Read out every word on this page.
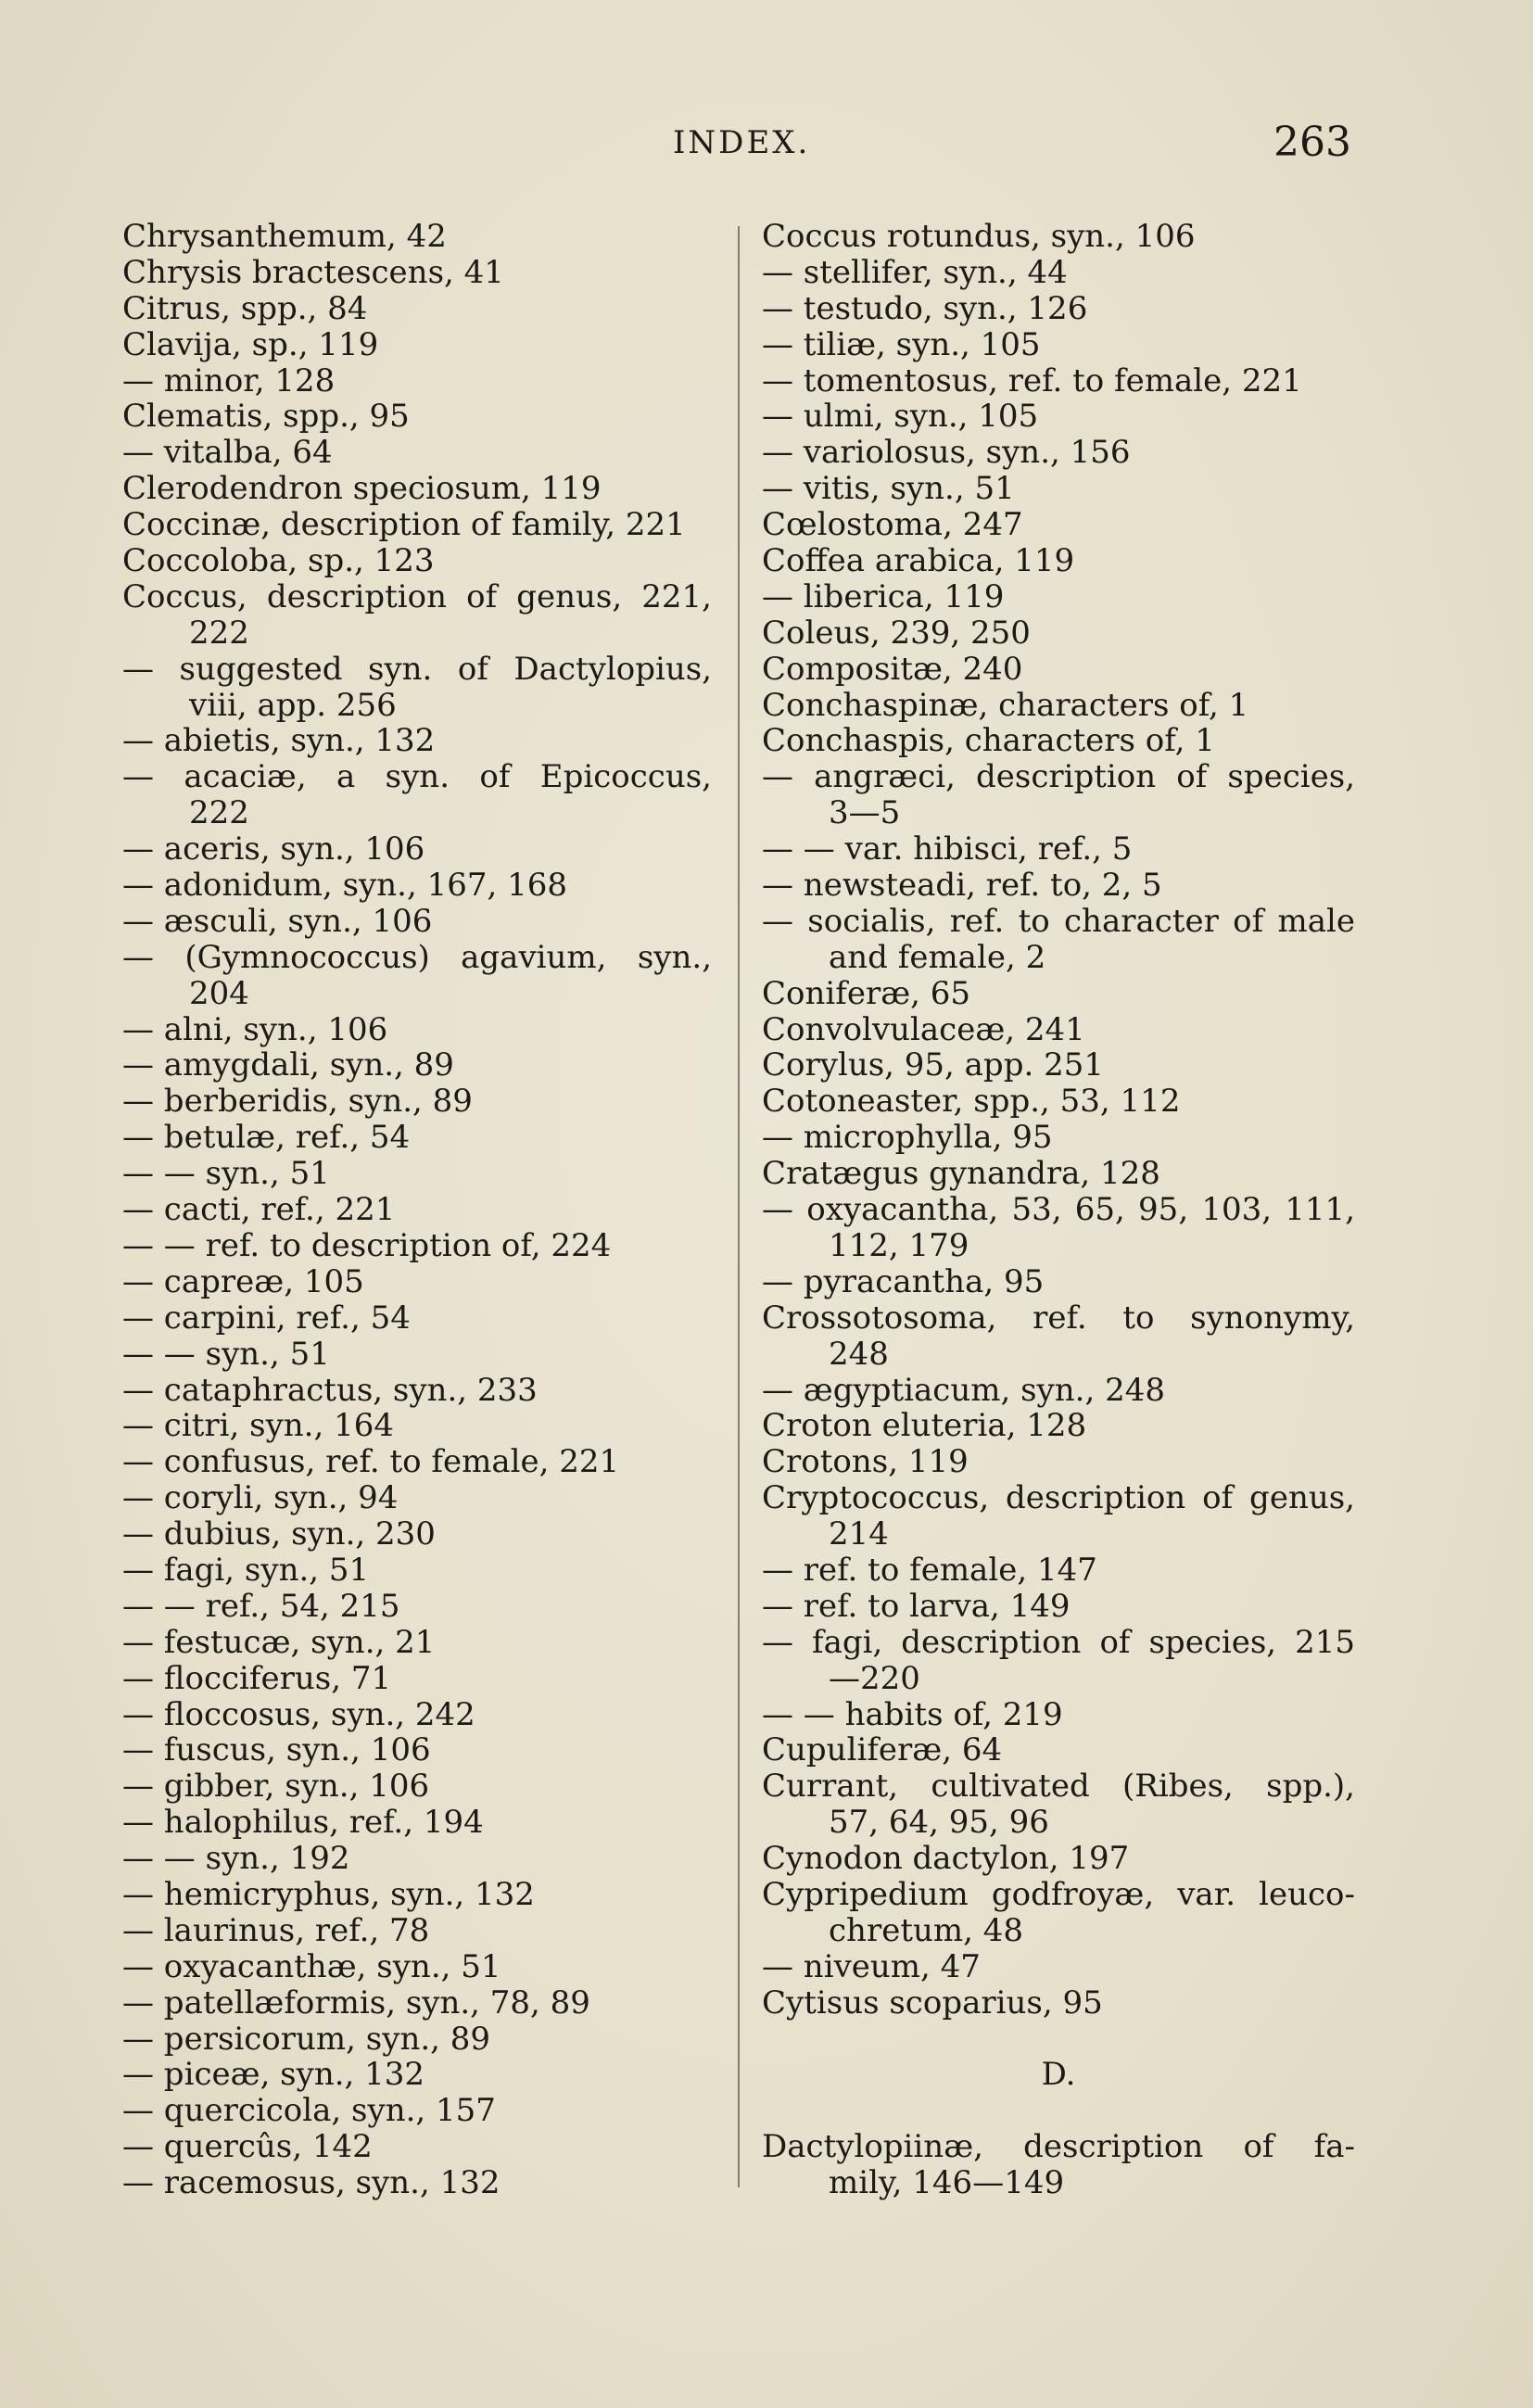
INDEX.	263
Chrysanthemum, 42
Chrysis bractescens, 41
Citrus, spp., 84
Clavija, sp., 119
— minor, 128
Clematis, spp., 95
— vitalba, 64
Clerodendron speciosum, 119
Coccinæ, description of family, 221
Coccoloba, sp., 123
Coccus, description of genus, 221,
222
— suggested syn. of Dactylopius,
viii, app. 256
— abietis, syn., 132
— acaciæ, a syn. of Epicoccus,
222
— aceris, syn., 106
— adonidum, syn., 167, 168
— æsculi, syn., 106
— (Gymnococcus) agavium, syn.,
204
— alni, syn., 106
— amygdali, syn., 89
— berberidis, syn., 89
— betulæ, ref., 54
— — syn., 51
— cacti, ref., 221
— — ref. to description of, 224
— capreæ, 105
— carpini, ref., 54
— — syn., 51
— cataphractus, syn., 233
— citri, syn., 164
— confusus, ref. to female, 221
— coryli, syn., 94
— dubius, syn., 230
— fagi, syn., 51
— — ref., 54, 215
— festucæ, syn., 21
— flocciferus, 71
— floccosus, syn., 242
— fuscus, syn., 106
— gibber, syn., 106
— halophilus, ref., 194
— — syn., 192
— hemicryphus, syn., 132
— laurinus, ref., 78
— oxyacanthæ, syn., 51
— patellæformis, syn., 78, 89
— persicorum, syn., 89
— piceæ, syn., 132
— quercicola, syn., 157
— quercûs, 142
— racemosus, syn., 132
Coccus rotundus, syn., 106
— stellifer, syn., 44
— testudo, syn., 126
— tiliæ, syn., 105
— tomentosus, ref. to female, 221
— ulmi, syn., 105
— variolosus, syn., 156
— vitis, syn., 51
Cœlostoma, 247
Coffea arabica, 119
— liberica, 119
Coleus, 239, 250
Compositæ, 240
Conchaspinæ, characters of, 1
Conchaspis, characters of, 1
— angræci, description of species,
3—5
— — var. hibisci, ref., 5
— newsteadi, ref. to, 2, 5
— socialis, ref. to character of male
and female, 2
Coniferæ, 65
Convolvulaceæ, 241
Corylus, 95, app. 251
Cotoneaster, spp., 53, 112
— microphylla, 95
Cratægus gynandra, 128
— oxyacantha, 53, 65, 95, 103, 111,
112, 179
— pyracantha, 95
Crossotosoma, ref. to synonymy,
248
— ægyptiacum, syn., 248
Croton eluteria, 128
Crotons, 119
Cryptococcus, description of genus,
214
— ref. to female, 147
— ref. to larva, 149
— fagi, description of species, 215
—220
— — habits of, 219
Cupuliferæ, 64
Currant, cultivated (Ribes, spp.),
57, 64, 95, 96
Cynodon dactylon, 197
Cypripedium godfroyæ, var. leuco-
chretum, 48
— niveum, 47
Cytisus scoparius, 95
D.
Dactylopiinæ, description of fa-
mily, 146—149
